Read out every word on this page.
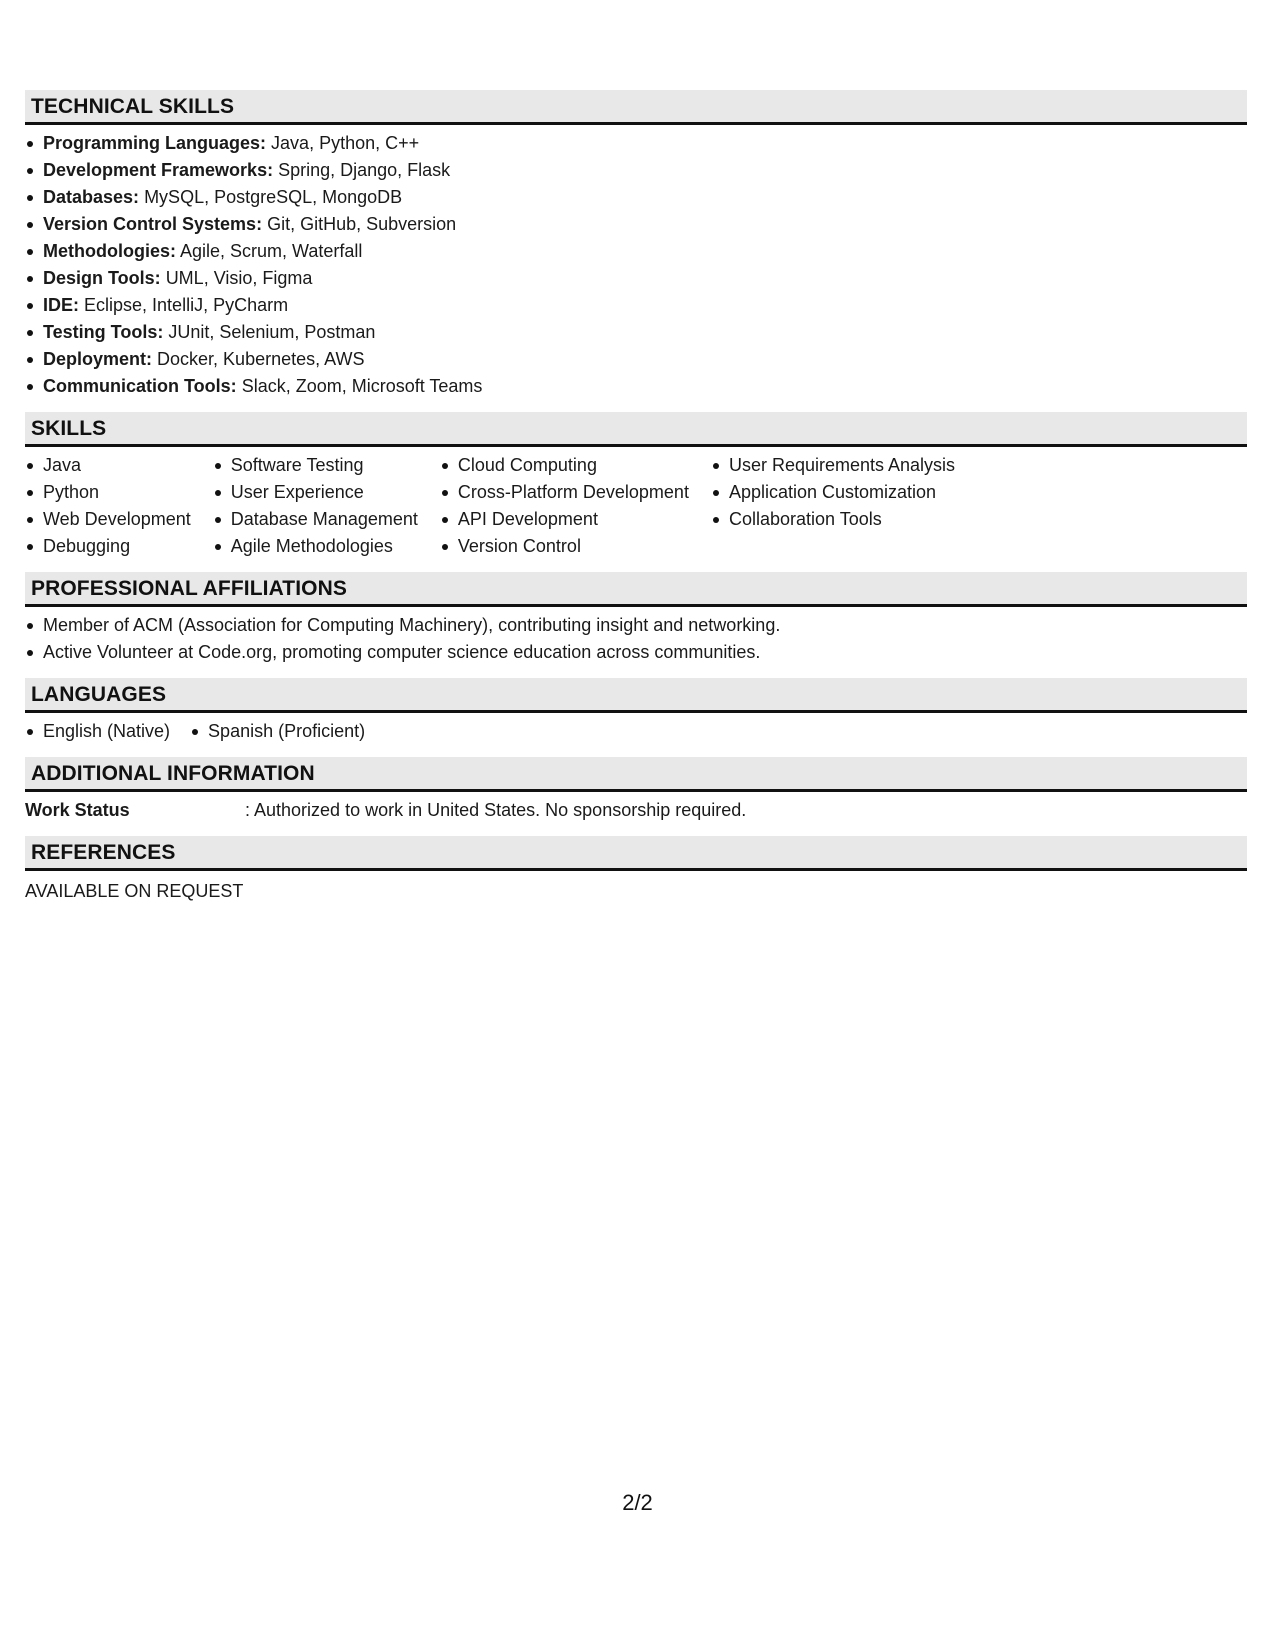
TECHNICAL SKILLS
Programming Languages: Java, Python, C++
Development Frameworks: Spring, Django, Flask
Databases: MySQL, PostgreSQL, MongoDB
Version Control Systems: Git, GitHub, Subversion
Methodologies: Agile, Scrum, Waterfall
Design Tools: UML, Visio, Figma
IDE: Eclipse, IntelliJ, PyCharm
Testing Tools: JUnit, Selenium, Postman
Deployment: Docker, Kubernetes, AWS
Communication Tools: Slack, Zoom, Microsoft Teams
SKILLS
Java
Python
Web Development
Debugging
Software Testing
User Experience
Database Management
Agile Methodologies
Cloud Computing
Cross-Platform Development
API Development
Version Control
User Requirements Analysis
Application Customization
Collaboration Tools
PROFESSIONAL AFFILIATIONS
Member of ACM (Association for Computing Machinery), contributing insight and networking.
Active Volunteer at Code.org, promoting computer science education across communities.
LANGUAGES
English (Native)	Spanish (Proficient)
ADDITIONAL INFORMATION
Work Status	: Authorized to work in United States. No sponsorship required.
REFERENCES
AVAILABLE ON REQUEST
2/2
